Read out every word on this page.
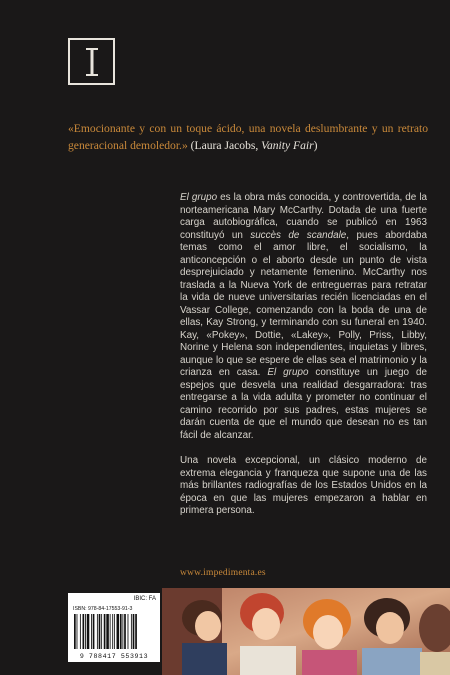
«Emocionante y con un toque ácido, una novela deslumbrante y un retrato generacional demoledor.» (Laura Jacobs, Vanity Fair)

El grupo es la obra más conocida, y controvertida, de la norteamericana Mary McCarthy. Dotada de una fuerte carga autobiográfica, cuando se publicó en 1963 constituyó un succès de scandale, pues abordaba temas como el amor libre, el socialismo, la anticoncepción o el aborto desde un punto de vista desprejuiciado y netamente femenino. McCarthy nos traslada a la Nueva York de entreguerras para retratar la vida de nueve universitarias recién licenciadas en el Vassar College, comenzando con la boda de una de ellas, Kay Strong, y terminando con su funeral en 1940. Kay, «Pokey», Dottie, «Lakey», Polly, Priss, Libby, Norine y Helena son independientes, inquietas y libres, aunque lo que se espere de ellas sea el matrimonio y la crianza en casa. El grupo constituye un juego de espejos que desvela una realidad desgarradora: tras entregarse a la vida adulta y prometer no continuar el camino recorrido por sus padres, estas mujeres se darán cuenta de que el mundo que desean no es tan fácil de alcanzar.

Una novela excepcional, un clásico moderno de extrema elegancia y franqueza que supone una de las más brillantes radiografías de los Estados Unidos en la época en que las mujeres empezaron a hablar en primera persona.

www.impedimenta.es
IBIC: FA
ISBN: 978-84-17553-91-3
9 788417 553913
